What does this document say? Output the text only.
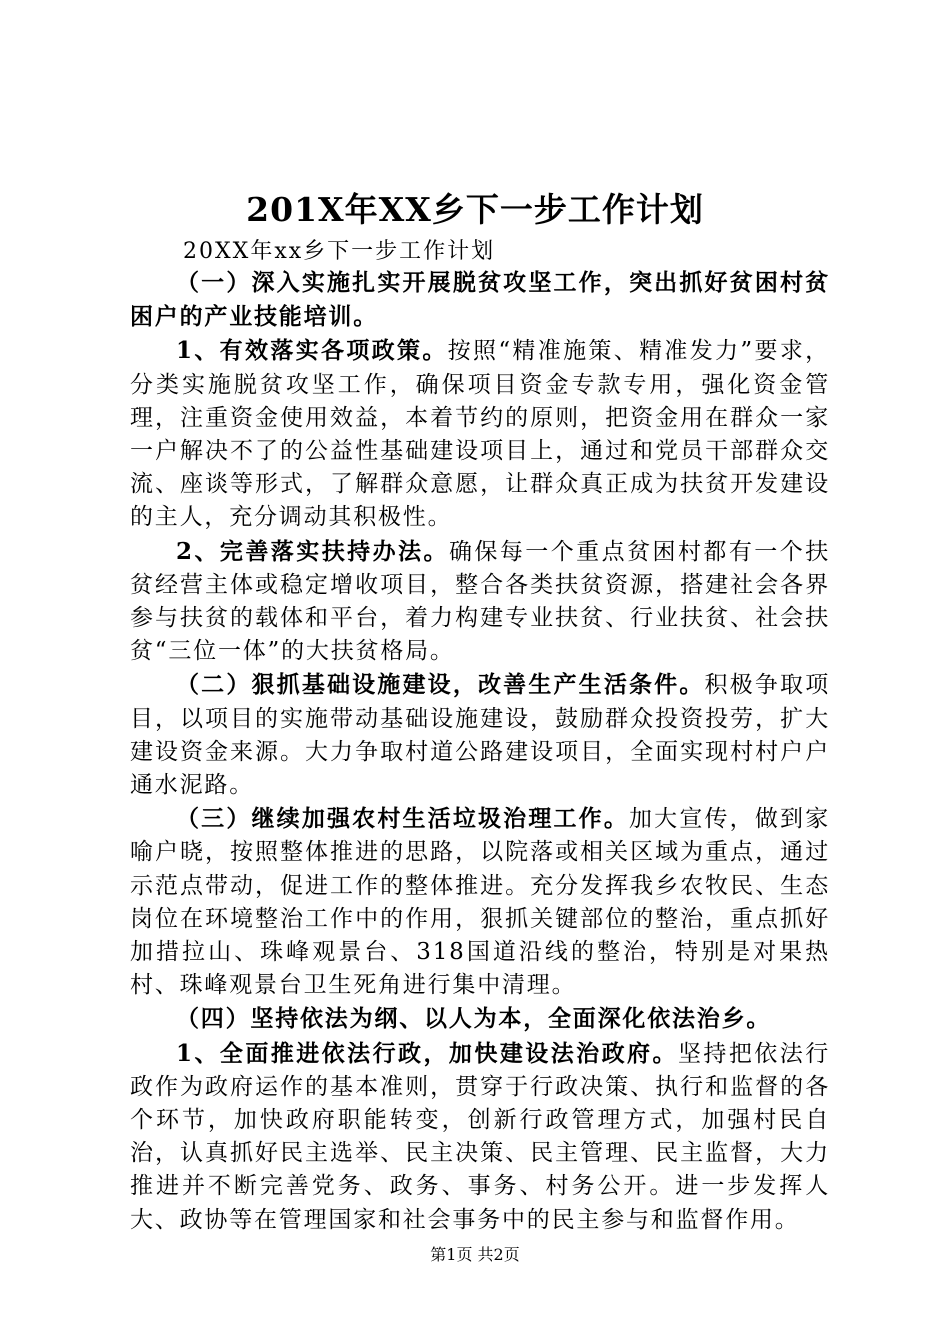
201X年XX乡下一步工作计划
20XX年xx乡下一步工作计划

（一）深入实施扎实开展脱贫攻坚工作，突出抓好贫困村贫困户的产业技能培训。

1、有效落实各项政策。按照“精准施策、精准发力”要求，分类实施脱贫攻坚工作，确保项目资金专款专用，强化资金管理，注重资金使用效益，本着节约的原则，把资金用在群众一家一户解决不了的公益性基础建设项目上，通过和党员干部群众交流、座谈等形式，了解群众意愿，让群众真正成为扶贫开发建设的主人，充分调动其积极性。

2、完善落实扶持办法。确保每一个重点贫困村都有一个扶贫经营主体或稳定增收项目，整合各类扶贫资源，搭建社会各界参与扶贫的载体和平台，着力构建专业扶贫、行业扶贫、社会扶贫“三位一体”的大扶贫格局。

（二）狠抓基础设施建设，改善生产生活条件。积极争取项目，以项目的实施带动基础设施建设，鼓励群众投资投劳，扩大建设资金来源。大力争取村道公路建设项目，全面实现村村户户通水泥路。

（三）继续加强农村生活垃圾治理工作。加大宣传，做到家喻户晓，按照整体推进的思路，以院落或相关区域为重点，通过示范点带动，促进工作的整体推进。充分发挥我乡农牧民、生态岗位在环境整治工作中的作用，狠抓关键部位的整治，重点抓好加措拉山、珠峰观景台、318国道沿线的整治，特别是对果热村、珠峰观景台卫生死角进行集中清理。

（四）坚持依法为纲、以人为本，全面深化依法治乡。

1、全面推进依法行政，加快建设法治政府。坚持把依法行政作为政府运作的基本准则，贯穿于行政决策、执行和监督的各个环节，加快政府职能转变，创新行政管理方式，加强村民自治，认真抓好民主选举、民主决策、民主管理、民主监督，大力推进并不断完善党务、政务、事务、村务公开。进一步发挥人大、政协等在管理国家和社会事务中的民主参与和监督作用。

第1页 共2页
